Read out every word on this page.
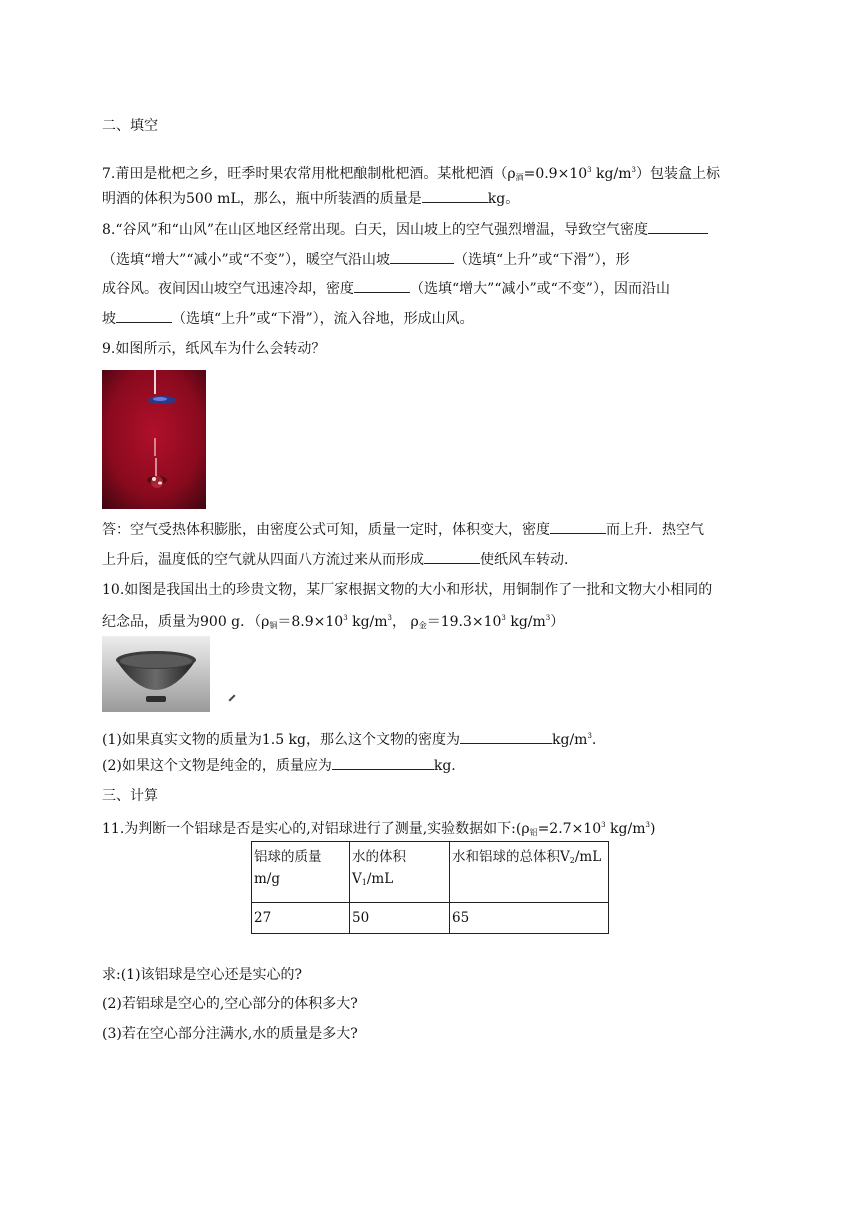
二、填空
7.莆田是枇杷之乡，旺季时果农常用枇杷酿制枇杷酒。某枇杷酒（$\rho_酒=0.9\times 10^3$ $kg/m^3$）包装盒上标
明酒的体积为500 mL，那么，瓶中所装酒的质量是	kg。
8.“谷风”和“山风”在山区地区经常出现。白天，因山坡上的空气强烈增温，导致空气密度
（选填“增大”“减小”或“不变”），暖空气沿山坡	（选填“上升”或“下滑”），形
成谷风。夜间因山坡空气迅速冷却，密度	（选填“增大”“减小”或“不变”），因而沿山
坡	（选填“上升”或“下滑”），流入谷地，形成山风。
9.如图所示，纸风车为什么会转动？
答：空气受热体积膨胀，由密度公式可知，质量一定时，体积变大，密度	而上升．热空气
上升后，温度低的空气就从四面八方流过来从而形成	使纸风车转动．
10.如图是我国出土的珍贵文物，某厂家根据文物的大小和形状，用铜制作了一批和文物大小相同的
纪念品，质量为900 g．（$\rho_铜=8.9\times 10^3$ $kg/m^3$， $\rho_金=19.3\times 10^3$ $kg/m^3$）
(1)如果真实文物的质量为1.5 kg，那么这个文物的密度为	$kg/m^3$.
(2)如果这个文物是纯金的，质量应为	kg.
三、计算
11.为判断一个铝球是否是实心的,对铝球进行了测量,实验数据如下$:(\rho_铝=2.7\times 10^3$ $kg/m^3$)
铝球的质量
m/g	水的体积$V_1/mL$	水和铝球的总体积$V_2/mL$
27	50	65
求:(1)该铝球是空心还是实心的?
(2)若铝球是空心的,空心部分的体积多大?
(3)若在空心部分注满水,水的质量是多大?
